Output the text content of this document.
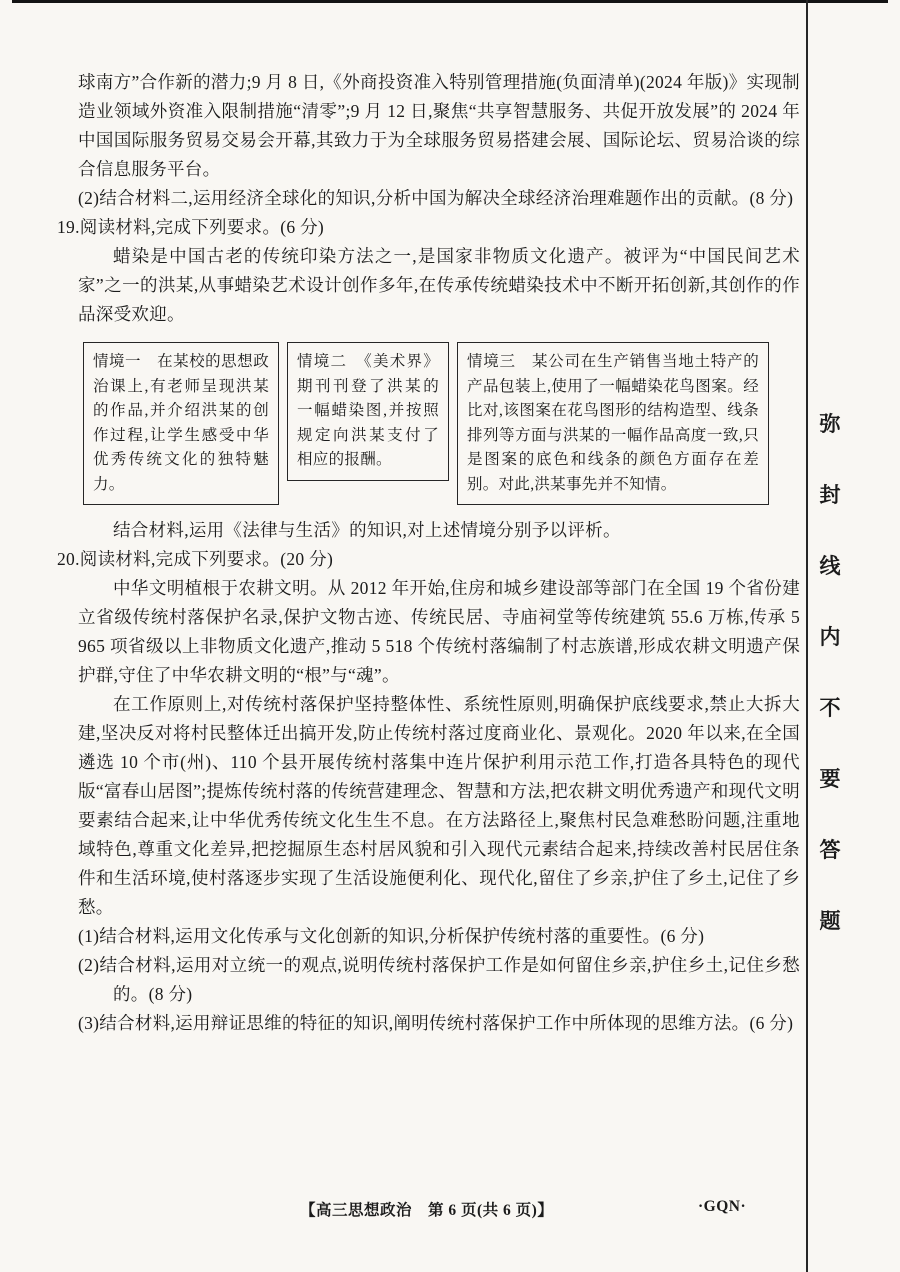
球南方”合作新的潜力;9 月 8 日,《外商投资准入特别管理措施(负面清单)(2024 年版)》实现制造业领域外资准入限制措施“清零”;9 月 12 日,聚焦“共享智慧服务、共促开放发展”的 2024 年中国国际服务贸易交易会开幕,其致力于为全球服务贸易搭建会展、国际论坛、贸易洽谈的综合信息服务平台。

(2)结合材料二,运用经济全球化的知识,分析中国为解决全球经济治理难题作出的贡献。(8 分)

19.阅读材料,完成下列要求。(6 分)

蜡染是中国古老的传统印染方法之一,是国家非物质文化遗产。被评为“中国民间艺术家”之一的洪某,从事蜡染艺术设计创作多年,在传承传统蜡染技术中不断开拓创新,其创作的作品深受欢迎。

情境一　在某校的思想政治课上,有老师呈现洪某的作品,并介绍洪某的创作过程,让学生感受中华优秀传统文化的独特魅力。

情境二　《美术界》期刊刊登了洪某的一幅蜡染图,并按照规定向洪某支付了相应的报酬。

情境三　某公司在生产销售当地土特产的产品包装上,使用了一幅蜡染花鸟图案。经比对,该图案在花鸟图形的结构造型、线条排列等方面与洪某的一幅作品高度一致,只是图案的底色和线条的颜色方面存在差别。对此,洪某事先并不知情。

结合材料,运用《法律与生活》的知识,对上述情境分别予以评析。

20.阅读材料,完成下列要求。(20 分)

中华文明植根于农耕文明。从 2012 年开始,住房和城乡建设部等部门在全国 19 个省份建立省级传统村落保护名录,保护文物古迹、传统民居、寺庙祠堂等传统建筑 55.6 万栋,传承 5 965 项省级以上非物质文化遗产,推动 5 518 个传统村落编制了村志族谱,形成农耕文明遗产保护群,守住了中华农耕文明的“根”与“魂”。

在工作原则上,对传统村落保护坚持整体性、系统性原则,明确保护底线要求,禁止大拆大建,坚决反对将村民整体迁出搞开发,防止传统村落过度商业化、景观化。2020 年以来,在全国遴选 10 个市(州)、110 个县开展传统村落集中连片保护利用示范工作,打造各具特色的现代版“富春山居图”;提炼传统村落的传统营建理念、智慧和方法,把农耕文明优秀遗产和现代文明要素结合起来,让中华优秀传统文化生生不息。在方法路径上,聚焦村民急难愁盼问题,注重地域特色,尊重文化差异,把挖掘原生态村居风貌和引入现代元素结合起来,持续改善村民居住条件和生活环境,使村落逐步实现了生活设施便利化、现代化,留住了乡亲,护住了乡土,记住了乡愁。

(1)结合材料,运用文化传承与文化创新的知识,分析保护传统村落的重要性。(6 分)

(2)结合材料,运用对立统一的观点,说明传统村落保护工作是如何留住乡亲,护住乡土,记住乡愁的。(8 分)

(3)结合材料,运用辩证思维的特征的知识,阐明传统村落保护工作中所体现的思维方法。(6 分)

弥
封
线
内
不
要
答
题
【高三思想政治　第 6 页(共 6 页)】	·GQN·
